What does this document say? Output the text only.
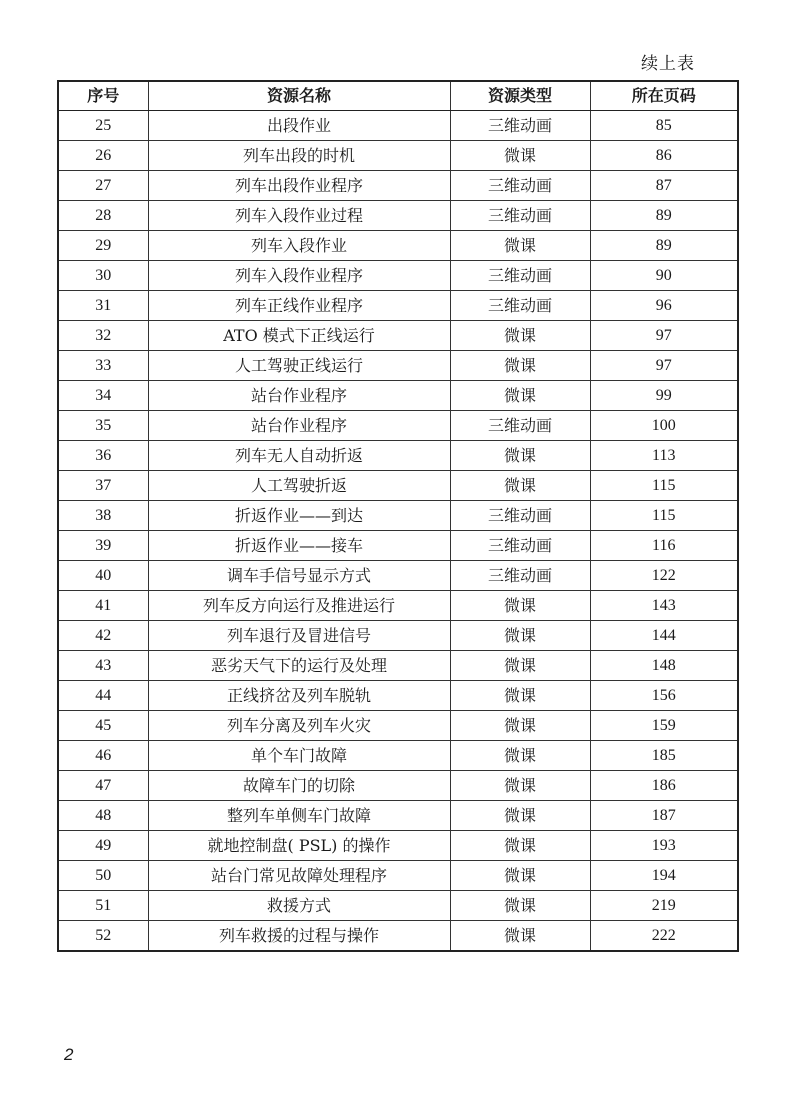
续上表
序号	资源名称	资源类型	所在页码
25	出段作业	三维动画	85
26	列车出段的时机	微课	86
27	列车出段作业程序	三维动画	87
28	列车入段作业过程	三维动画	89
29	列车入段作业	微课	89
30	列车入段作业程序	三维动画	90
31	列车正线作业程序	三维动画	96
32	ATO 模式下正线运行	微课	97
33	人工驾驶正线运行	微课	97
34	站台作业程序	微课	99
35	站台作业程序	三维动画	100
36	列车无人自动折返	微课	113
37	人工驾驶折返	微课	115
38	折返作业——到达	三维动画	115
39	折返作业——接车	三维动画	116
40	调车手信号显示方式	三维动画	122
41	列车反方向运行及推进运行	微课	143
42	列车退行及冒进信号	微课	144
43	恶劣天气下的运行及处理	微课	148
44	正线挤岔及列车脱轨	微课	156
45	列车分离及列车火灾	微课	159
46	单个车门故障	微课	185
47	故障车门的切除	微课	186
48	整列车单侧车门故障	微课	187
49	就地控制盘( PSL) 的操作	微课	193
50	站台门常见故障处理程序	微课	194
51	救援方式	微课	219
52	列车救援的过程与操作	微课	222
2
